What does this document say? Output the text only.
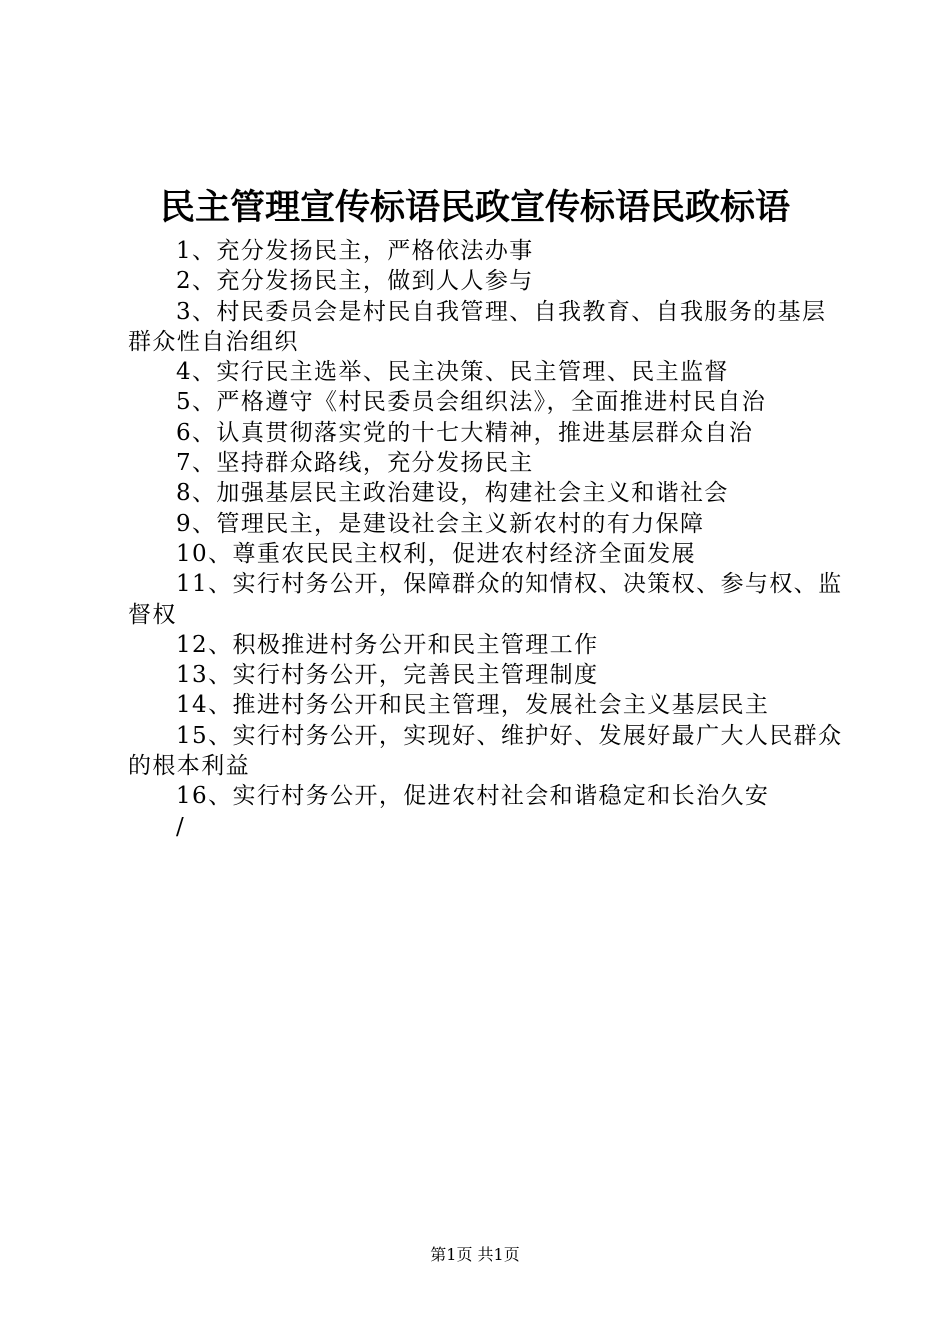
民主管理宣传标语民政宣传标语民政标语

1、充分发扬民主，严格依法办事

2、充分发扬民主，做到人人参与

3、村民委员会是村民自我管理、自我教育、自我服务的基层群众性自治组织

4、实行民主选举、民主决策、民主管理、民主监督

5、严格遵守《村民委员会组织法》，全面推进村民自治

6、认真贯彻落实党的十七大精神，推进基层群众自治

7、坚持群众路线，充分发扬民主

8、加强基层民主政治建设，构建社会主义和谐社会

9、管理民主，是建设社会主义新农村的有力保障

10、尊重农民民主权利，促进农村经济全面发展

11、实行村务公开，保障群众的知情权、决策权、参与权、监督权

12、积极推进村务公开和民主管理工作

13、实行村务公开，完善民主管理制度

14、推进村务公开和民主管理，发展社会主义基层民主

15、实行村务公开，实现好、维护好、发展好最广大人民群众的根本利益

16、实行村务公开，促进农村社会和谐稳定和长治久安

/

第1页 共1页
